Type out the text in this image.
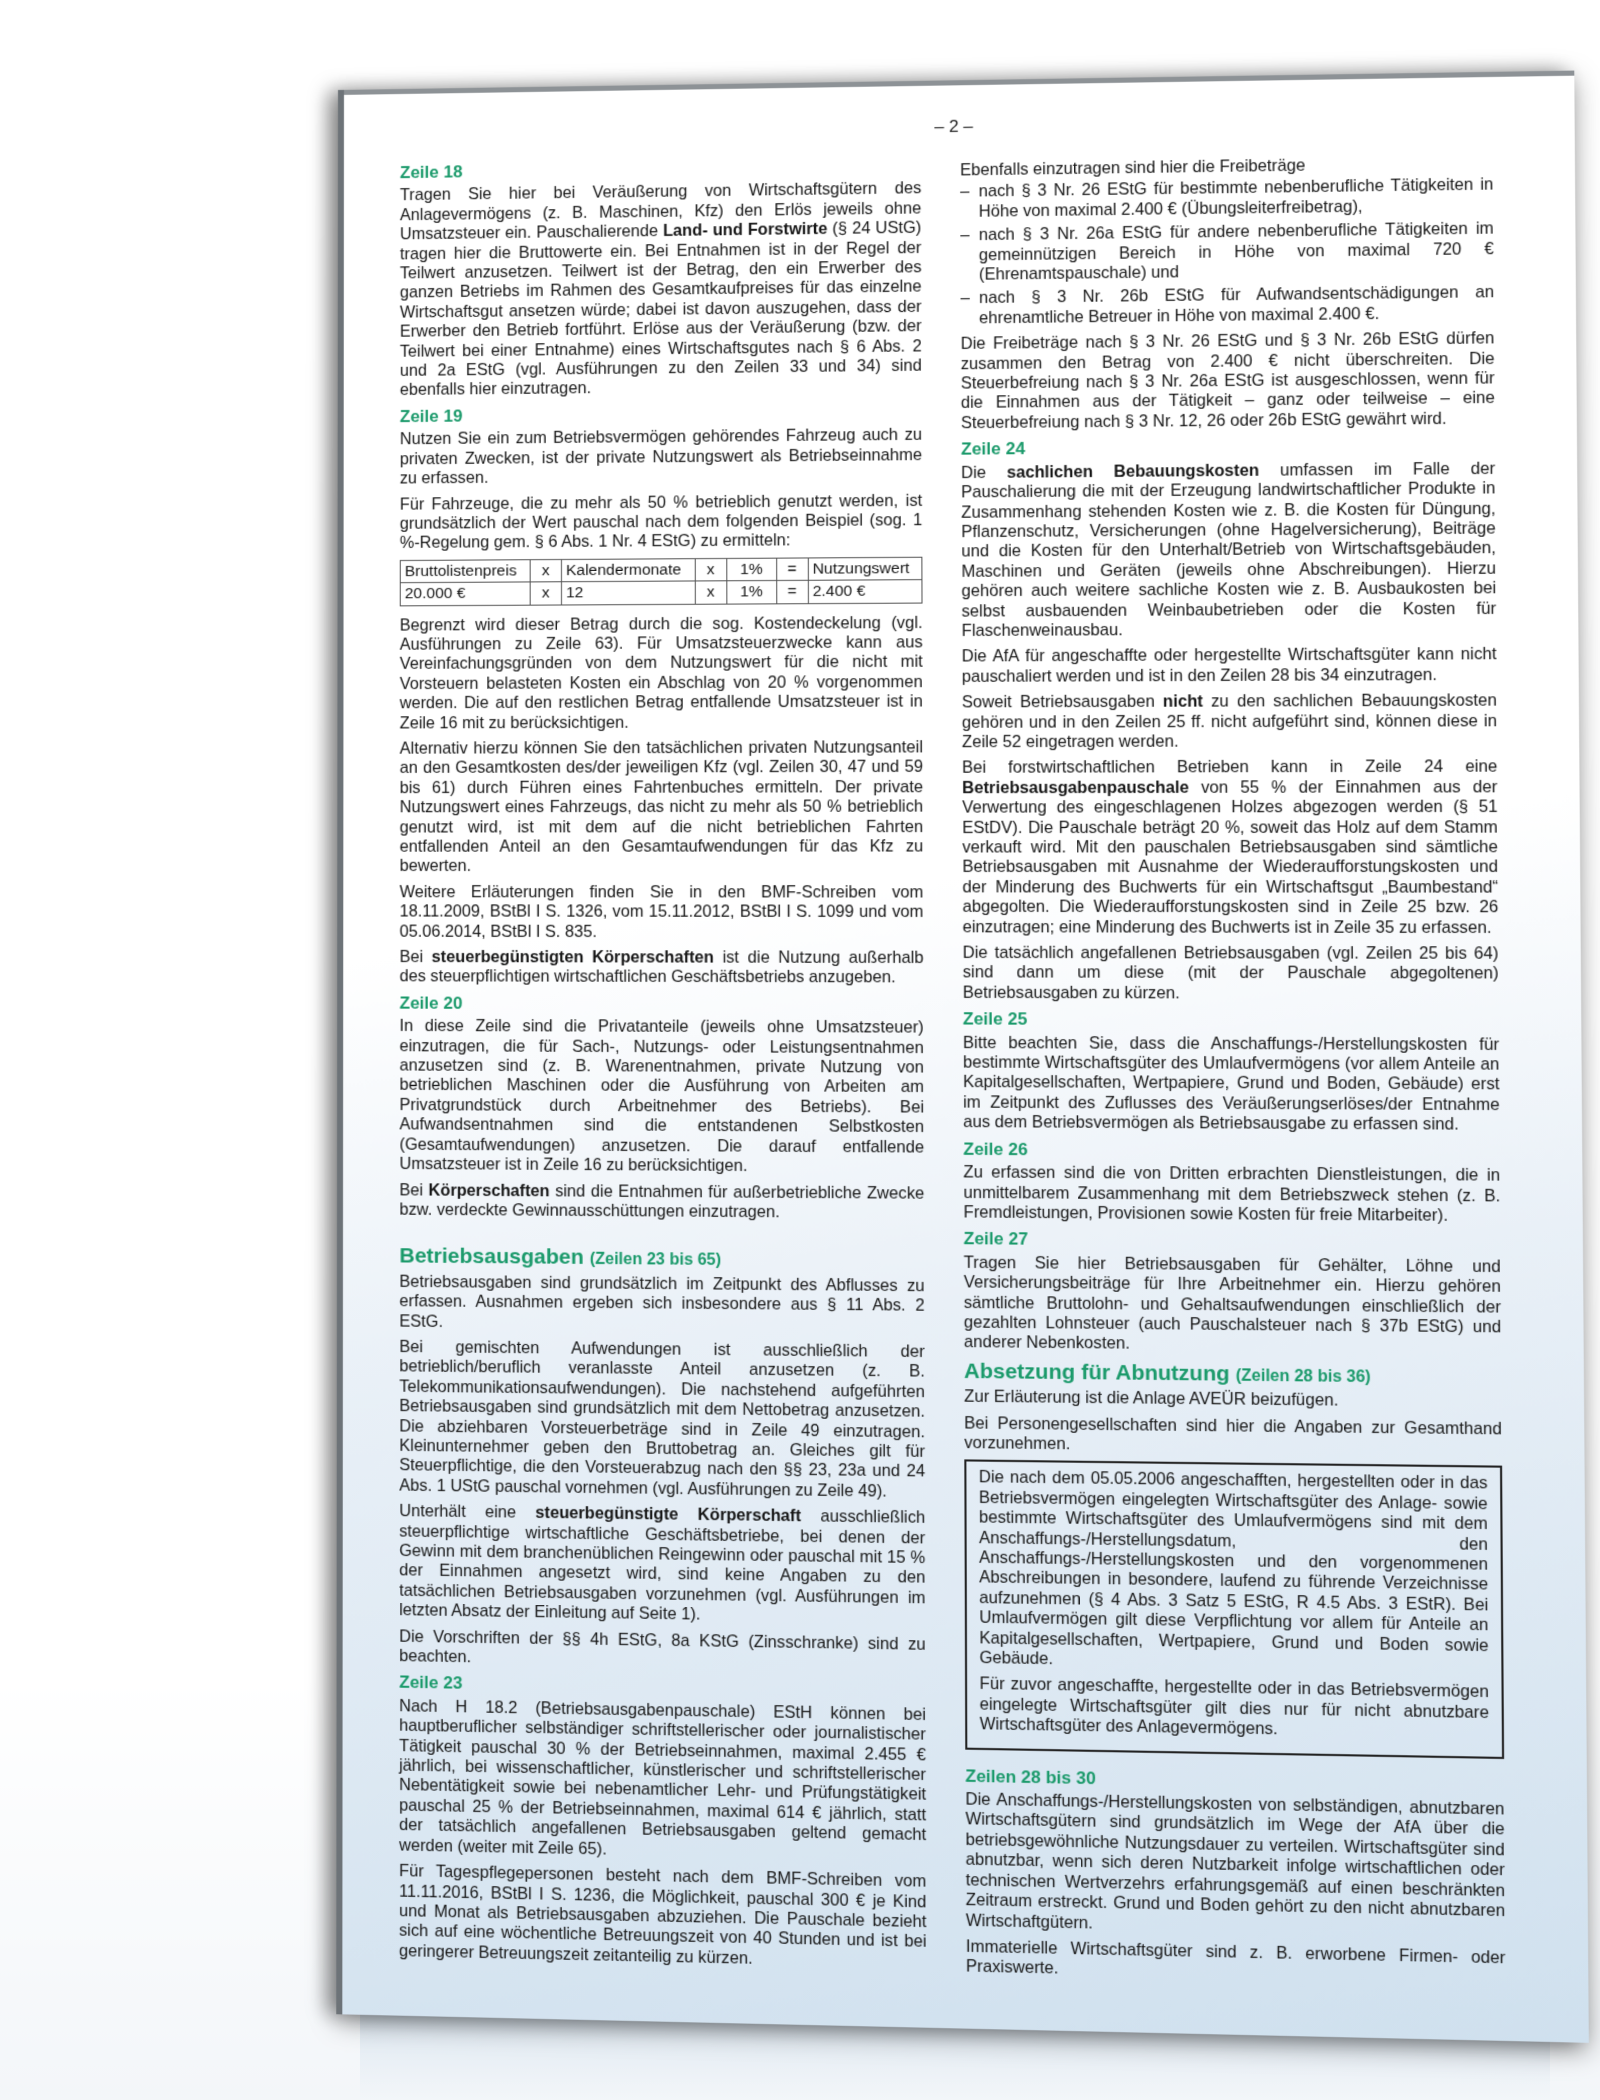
– 2 –
Zeile 18

Tragen Sie hier bei Veräußerung von Wirtschaftsgütern des Anlagevermögens (z. B. Maschinen, Kfz) den Erlös jeweils ohne Umsatzsteuer ein. Pauschalierende Land- und Forstwirte (§ 24 UStG) tragen hier die Bruttowerte ein. Bei Entnahmen ist in der Regel der Teilwert anzusetzen. Teilwert ist der Betrag, den ein Erwerber des ganzen Betriebs im Rahmen des Gesamtkaufpreises für das einzelne Wirtschaftsgut ansetzen würde; dabei ist davon auszugehen, dass der Erwerber den Betrieb fortführt. Erlöse aus der Veräußerung (bzw. der Teilwert bei einer Entnahme) eines Wirtschaftsgutes nach § 6 Abs. 2 und 2a EStG (vgl. Ausführungen zu den Zeilen 33 und 34) sind ebenfalls hier einzutragen.

Zeile 19

Nutzen Sie ein zum Betriebsvermögen gehörendes Fahrzeug auch zu privaten Zwecken, ist der private Nutzungswert als Betriebseinnahme zu erfassen.

Für Fahrzeuge, die zu mehr als 50 % betrieblich genutzt werden, ist grundsätzlich der Wert pauschal nach dem folgenden Beispiel (sog. 1 %-Regelung gem. § 6 Abs. 1 Nr. 4 EStG) zu ermitteln:

Bruttolistenpreis	x	Kalendermonate	x	1%	=	Nutzungswert
20.000 €	x	12	x	1%	=	2.400 €

Begrenzt wird dieser Betrag durch die sog. Kostendeckelung (vgl. Ausführungen zu Zeile 63). Für Umsatzsteuerzwecke kann aus Vereinfachungsgründen von dem Nutzungswert für die nicht mit Vorsteuern belasteten Kosten ein Abschlag von 20 % vorgenommen werden. Die auf den restlichen Betrag entfallende Umsatzsteuer ist in Zeile 16 mit zu berücksichtigen.

Alternativ hierzu können Sie den tatsächlichen privaten Nutzungsanteil an den Gesamtkosten des/der jeweiligen Kfz (vgl. Zeilen 30, 47 und 59 bis 61) durch Führen eines Fahrtenbuches ermitteln. Der private Nutzungswert eines Fahrzeugs, das nicht zu mehr als 50 % betrieblich genutzt wird, ist mit dem auf die nicht betrieblichen Fahrten entfallenden Anteil an den Gesamtaufwendungen für das Kfz zu bewerten.

Weitere Erläuterungen finden Sie in den BMF-Schreiben vom 18.11.2009, BStBl I S. 1326, vom 15.11.2012, BStBl I S. 1099 und vom 05.06.2014, BStBl I S. 835.

Bei steuerbegünstigten Körperschaften ist die Nutzung außerhalb des steuerpflichtigen wirtschaftlichen Geschäftsbetriebs anzugeben.

Zeile 20

In diese Zeile sind die Privatanteile (jeweils ohne Umsatzsteuer) einzutragen, die für Sach-, Nutzungs- oder Leistungsentnahmen anzusetzen sind (z. B. Warenentnahmen, private Nutzung von betrieblichen Maschinen oder die Ausführung von Arbeiten am Privatgrundstück durch Arbeitnehmer des Betriebs). Bei Aufwandsentnahmen sind die entstandenen Selbstkosten (Gesamtaufwendungen) anzusetzen. Die darauf entfallende Umsatzsteuer ist in Zeile 16 zu berücksichtigen.

Bei Körperschaften sind die Entnahmen für außerbetriebliche Zwecke bzw. verdeckte Gewinnausschüttungen einzutragen.

Betriebsausgaben (Zeilen 23 bis 65)

Betriebsausgaben sind grundsätzlich im Zeitpunkt des Abflusses zu erfassen. Ausnahmen ergeben sich insbesondere aus § 11 Abs. 2 EStG.

Bei gemischten Aufwendungen ist ausschließlich der betrieblich/beruflich veranlasste Anteil anzusetzen (z. B. Telekommunikationsaufwendungen). Die nachstehend aufgeführten Betriebsausgaben sind grundsätzlich mit dem Nettobetrag anzusetzen. Die abziehbaren Vorsteuerbeträge sind in Zeile 49 einzutragen. Kleinunternehmer geben den Bruttobetrag an. Gleiches gilt für Steuerpflichtige, die den Vorsteuerabzug nach den §§ 23, 23a und 24 Abs. 1 UStG pauschal vornehmen (vgl. Ausführungen zu Zeile 49).

Unterhält eine steuerbegünstigte Körperschaft ausschließlich steuerpflichtige wirtschaftliche Geschäftsbetriebe, bei denen der Gewinn mit dem branchenüblichen Reingewinn oder pauschal mit 15 % der Einnahmen angesetzt wird, sind keine Angaben zu den tatsächlichen Betriebsausgaben vorzunehmen (vgl. Ausführungen im letzten Absatz der Einleitung auf Seite 1).

Die Vorschriften der §§ 4h EStG, 8a KStG (Zinsschranke) sind zu beachten.

Zeile 23

Nach H 18.2 (Betriebsausgabenpauschale) EStH können bei hauptberuflicher selbständiger schriftstellerischer oder journalistischer Tätigkeit pauschal 30 % der Betriebseinnahmen, maximal 2.455 € jährlich, bei wissenschaftlicher, künstlerischer und schriftstellerischer Nebentätigkeit sowie bei nebenamtlicher Lehr- und Prüfungstätigkeit pauschal 25 % der Betriebseinnahmen, maximal 614 € jährlich, statt der tatsächlich angefallenen Betriebsausgaben geltend gemacht werden (weiter mit Zeile 65).

Für Tagespflegepersonen besteht nach dem BMF-Schreiben vom 11.11.2016, BStBl I S. 1236, die Möglichkeit, pauschal 300 € je Kind und Monat als Betriebsausgaben abzuziehen. Die Pauschale bezieht sich auf eine wöchentliche Betreuungszeit von 40 Stunden und ist bei geringerer Betreuungszeit zeitanteilig zu kürzen.

Ebenfalls einzutragen sind hier die Freibeträge

– nach § 3 Nr. 26 EStG für bestimmte nebenberufliche Tätigkeiten in Höhe von maximal 2.400 € (Übungsleiterfreibetrag),
– nach § 3 Nr. 26a EStG für andere nebenberufliche Tätigkeiten im gemeinnützigen Bereich in Höhe von maximal 720 € (Ehrenamtspauschale) und
– nach § 3 Nr. 26b EStG für Aufwandsentschädigungen an ehrenamtliche Betreuer in Höhe von maximal 2.400 €.

Die Freibeträge nach § 3 Nr. 26 EStG und § 3 Nr. 26b EStG dürfen zusammen den Betrag von 2.400 € nicht überschreiten. Die Steuerbefreiung nach § 3 Nr. 26a EStG ist ausgeschlossen, wenn für die Einnahmen aus der Tätigkeit – ganz oder teilweise – eine Steuerbefreiung nach § 3 Nr. 12, 26 oder 26b EStG gewährt wird.

Zeile 24

Die sachlichen Bebauungskosten umfassen im Falle der Pauschalierung die mit der Erzeugung landwirtschaftlicher Produkte in Zusammenhang stehenden Kosten wie z. B. die Kosten für Düngung, Pflanzenschutz, Versicherungen (ohne Hagelversicherung), Beiträge und die Kosten für den Unterhalt/Betrieb von Wirtschaftsgebäuden, Maschinen und Geräten (jeweils ohne Abschreibungen). Hierzu gehören auch weitere sachliche Kosten wie z. B. Ausbaukosten bei selbst ausbauenden Weinbaubetrieben oder die Kosten für Flaschenweinausbau.

Die AfA für angeschaffte oder hergestellte Wirtschaftsgüter kann nicht pauschaliert werden und ist in den Zeilen 28 bis 34 einzutragen.

Soweit Betriebsausgaben nicht zu den sachlichen Bebauungskosten gehören und in den Zeilen 25 ff. nicht aufgeführt sind, können diese in Zeile 52 eingetragen werden.

Bei forstwirtschaftlichen Betrieben kann in Zeile 24 eine Betriebsausgabenpauschale von 55 % der Einnahmen aus der Verwertung des eingeschlagenen Holzes abgezogen werden (§ 51 EStDV). Die Pauschale beträgt 20 %, soweit das Holz auf dem Stamm verkauft wird. Mit den pauschalen Betriebsausgaben sind sämtliche Betriebsausgaben mit Ausnahme der Wiederaufforstungskosten und der Minderung des Buchwerts für ein Wirtschaftsgut „Baumbestand“ abgegolten. Die Wiederaufforstungskosten sind in Zeile 25 bzw. 26 einzutragen; eine Minderung des Buchwerts ist in Zeile 35 zu erfassen.

Die tatsächlich angefallenen Betriebsausgaben (vgl. Zeilen 25 bis 64) sind dann um diese (mit der Pauschale abgegoltenen) Betriebsausgaben zu kürzen.

Zeile 25

Bitte beachten Sie, dass die Anschaffungs-/Herstellungskosten für bestimmte Wirtschaftsgüter des Umlaufvermögens (vor allem Anteile an Kapitalgesellschaften, Wertpapiere, Grund und Boden, Gebäude) erst im Zeitpunkt des Zuflusses des Veräußerungserlöses/der Entnahme aus dem Betriebsvermögen als Betriebsausgabe zu erfassen sind.

Zeile 26

Zu erfassen sind die von Dritten erbrachten Dienstleistungen, die in unmittelbarem Zusammenhang mit dem Betriebszweck stehen (z. B. Fremdleistungen, Provisionen sowie Kosten für freie Mitarbeiter).

Zeile 27

Tragen Sie hier Betriebsausgaben für Gehälter, Löhne und Versicherungsbeiträge für Ihre Arbeitnehmer ein. Hierzu gehören sämtliche Bruttolohn- und Gehaltsaufwendungen einschließlich der gezahlten Lohnsteuer (auch Pauschalsteuer nach § 37b EStG) und anderer Nebenkosten.

Absetzung für Abnutzung (Zeilen 28 bis 36)

Zur Erläuterung ist die Anlage AVEÜR beizufügen.

Bei Personengesellschaften sind hier die Angaben zur Gesamthand vorzunehmen.

Die nach dem 05.05.2006 angeschafften, hergestellten oder in das Betriebsvermögen eingelegten Wirtschaftsgüter des Anlage- sowie bestimmte Wirtschaftsgüter des Umlaufvermögens sind mit dem Anschaffungs-/Herstellungsdatum, den Anschaffungs-/Herstellungskosten und den vorgenommenen Abschreibungen in besondere, laufend zu führende Verzeichnisse aufzunehmen (§ 4 Abs. 3 Satz 5 EStG, R 4.5 Abs. 3 EStR). Bei Umlaufvermögen gilt diese Verpflichtung vor allem für Anteile an Kapitalgesellschaften, Wertpapiere, Grund und Boden sowie Gebäude.

Für zuvor angeschaffte, hergestellte oder in das Betriebsvermögen eingelegte Wirtschaftsgüter gilt dies nur für nicht abnutzbare Wirtschaftsgüter des Anlagevermögens.

Zeilen 28 bis 30

Die Anschaffungs-/Herstellungskosten von selbständigen, abnutzbaren Wirtschaftsgütern sind grundsätzlich im Wege der AfA über die betriebsgewöhnliche Nutzungsdauer zu verteilen. Wirtschaftsgüter sind abnutzbar, wenn sich deren Nutzbarkeit infolge wirtschaftlichen oder technischen Wertverzehrs erfahrungsgemäß auf einen beschränkten Zeitraum erstreckt. Grund und Boden gehört zu den nicht abnutzbaren Wirtschaftgütern.

Immaterielle Wirtschaftsgüter sind z. B. erworbene Firmen- oder Praxiswerte.
